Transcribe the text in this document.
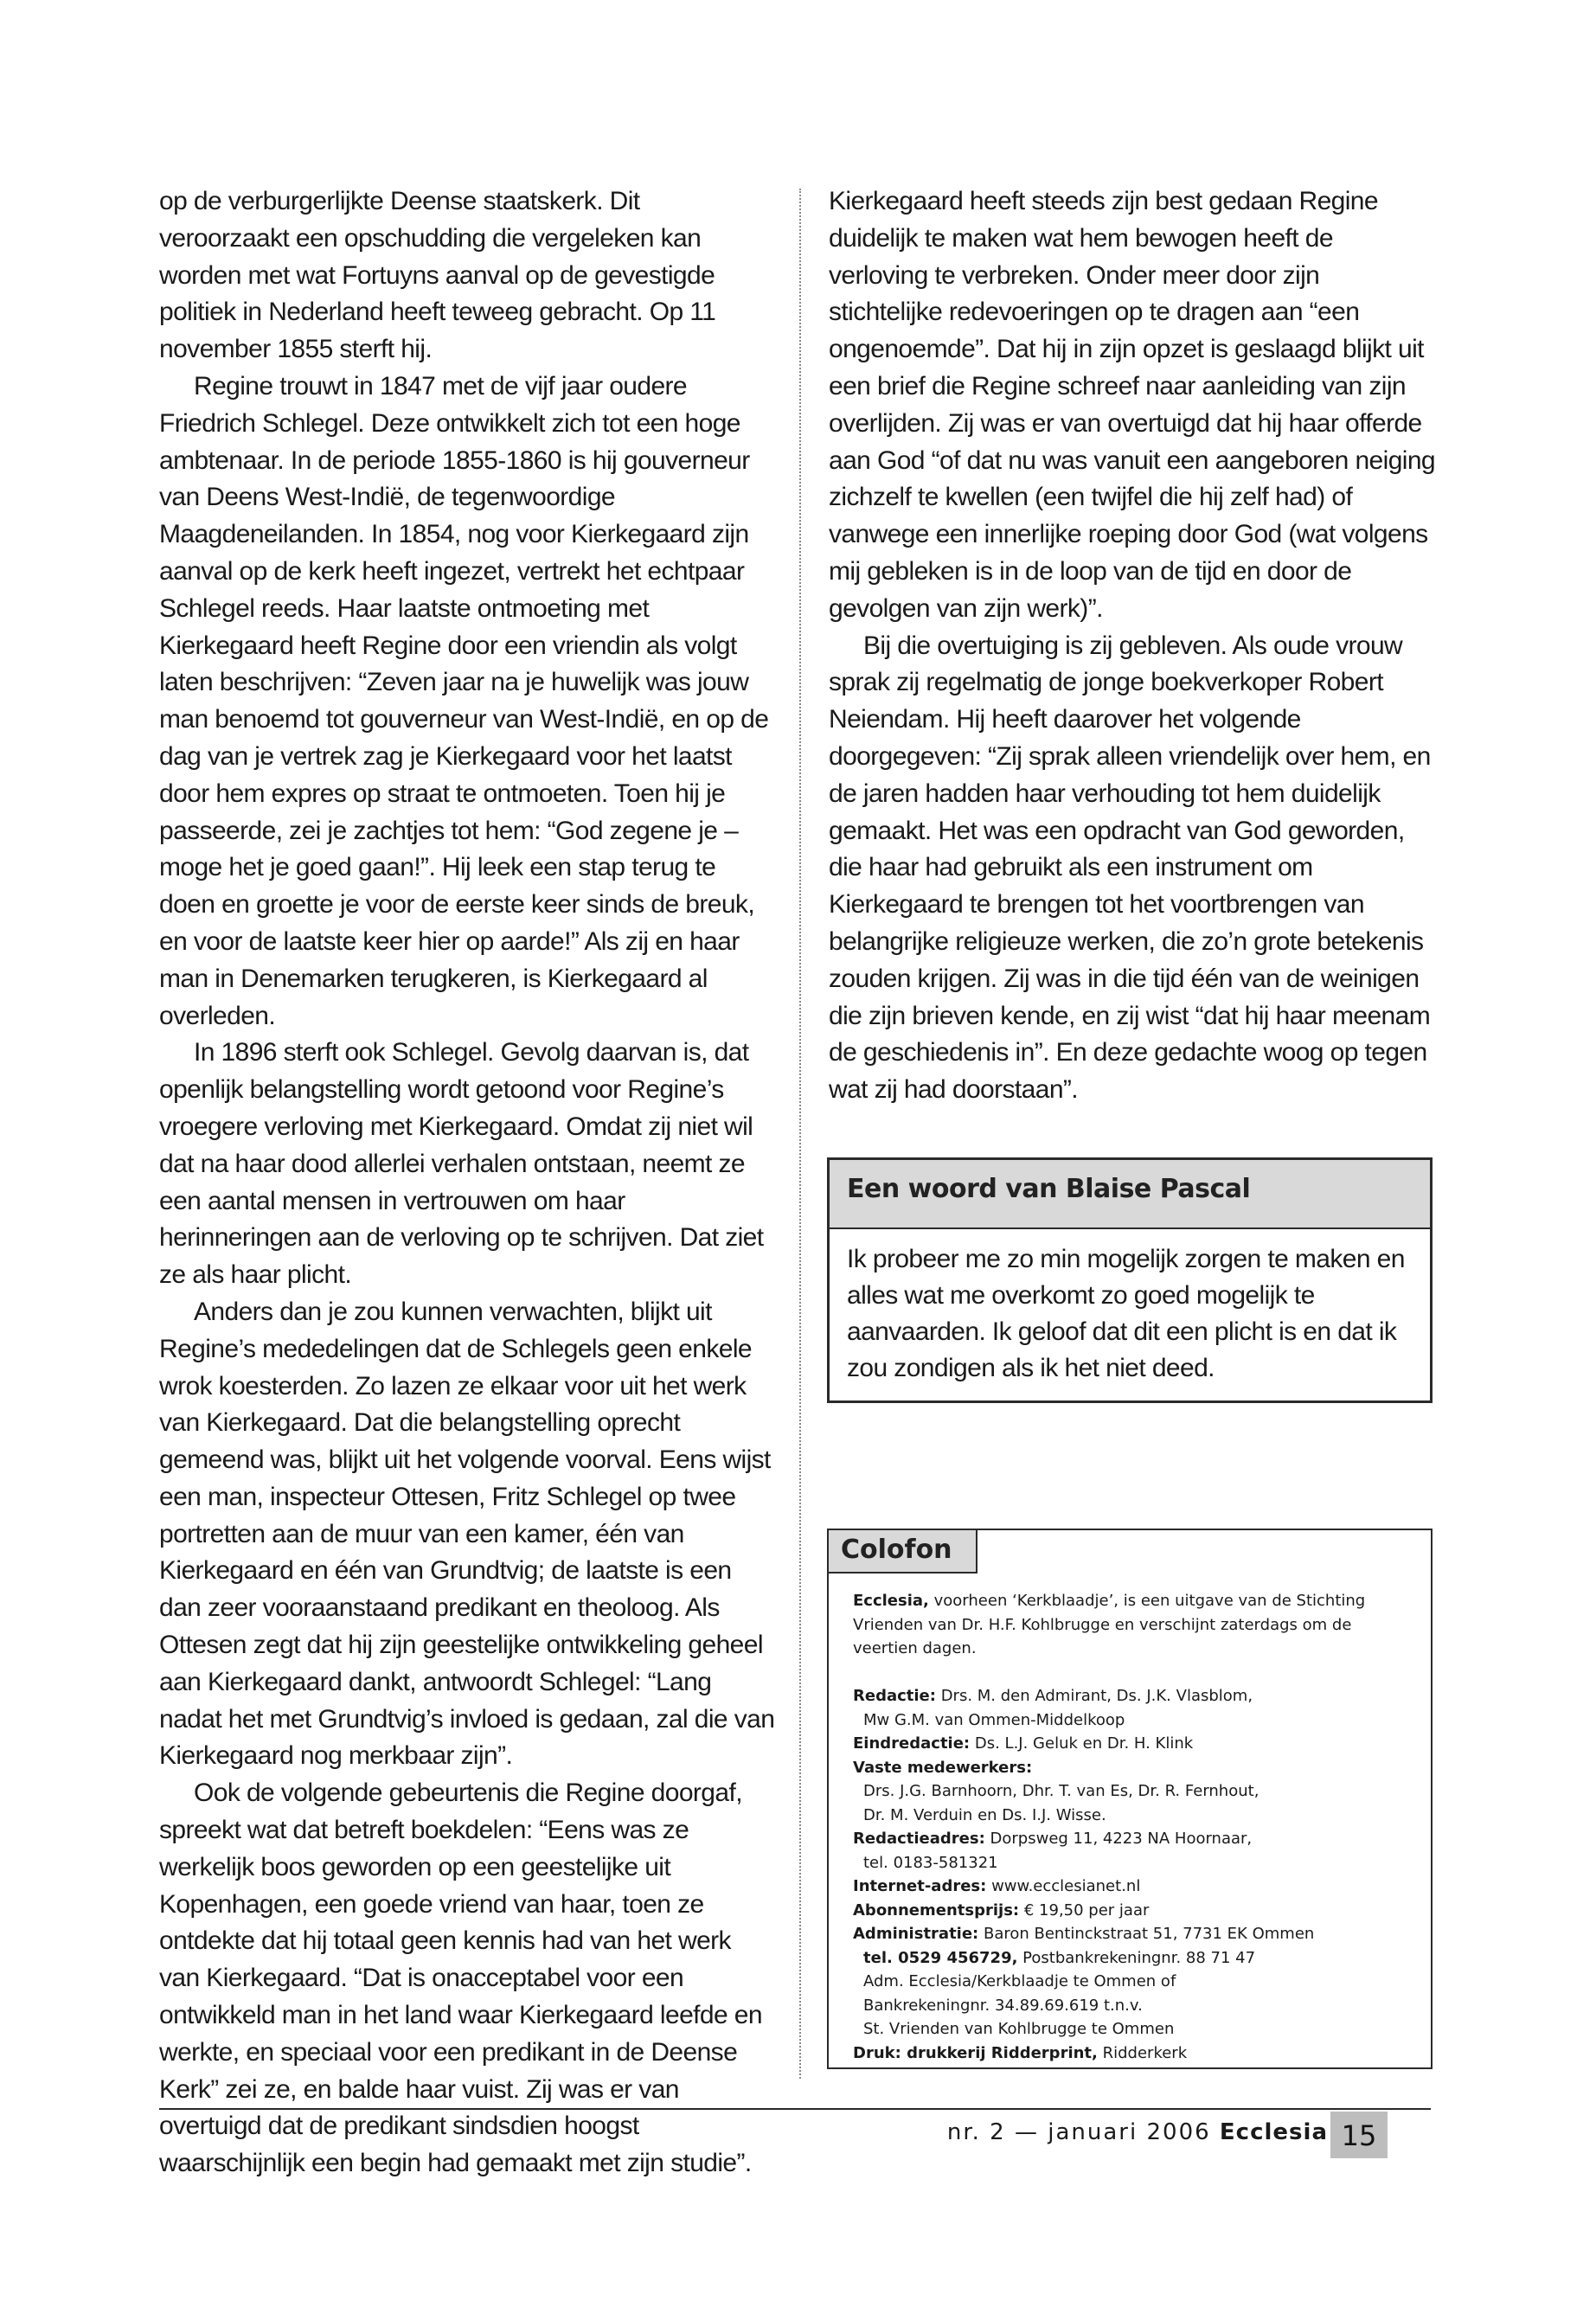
op de verburgerlijkte Deense staatskerk. Dit veroorzaakt een opschudding die vergeleken kan worden met wat Fortuyns aanval op de gevestigde politiek in Nederland heeft teweeg gebracht. Op 11 november 1855 sterft hij.

Regine trouwt in 1847 met de vijf jaar oudere Friedrich Schlegel. Deze ontwikkelt zich tot een hoge ambtenaar. In de periode 1855-1860 is hij gouverneur van Deens West-Indië, de tegenwoordige Maagdeneilanden. In 1854, nog voor Kierkegaard zijn aanval op de kerk heeft ingezet, vertrekt het echtpaar Schlegel reeds. Haar laatste ontmoeting met Kierkegaard heeft Regine door een vriendin als volgt laten beschrijven: “Zeven jaar na je huwelijk was jouw man benoemd tot gouverneur van West-Indië, en op de dag van je vertrek zag je Kierkegaard voor het laatst door hem expres op straat te ontmoeten. Toen hij je passeerde, zei je zachtjes tot hem: “God zegene je – moge het je goed gaan!”. Hij leek een stap terug te doen en groette je voor de eerste keer sinds de breuk, en voor de laatste keer hier op aarde!” Als zij en haar man in Denemarken terugkeren, is Kierkegaard al overleden.

In 1896 sterft ook Schlegel. Gevolg daarvan is, dat openlijk belangstelling wordt getoond voor Regine’s vroegere verloving met Kierkegaard. Omdat zij niet wil dat na haar dood allerlei verhalen ontstaan, neemt ze een aantal mensen in vertrouwen om haar herinneringen aan de verloving op te schrijven. Dat ziet ze als haar plicht.

Anders dan je zou kunnen verwachten, blijkt uit Regine’s mededelingen dat de Schlegels geen enkele wrok koesterden. Zo lazen ze elkaar voor uit het werk van Kierkegaard. Dat die belangstelling oprecht gemeend was, blijkt uit het volgende voorval. Eens wijst een man, inspecteur Ottesen, Fritz Schlegel op twee portretten aan de muur van een kamer, één van Kierkegaard en één van Grundtvig; de laatste is een dan zeer vooraanstaand predikant en theoloog. Als Ottesen zegt dat hij zijn geestelijke ontwikkeling geheel aan Kierkegaard dankt, antwoordt Schlegel: “Lang nadat het met Grundtvig’s invloed is gedaan, zal die van Kierkegaard nog merkbaar zijn”.

Ook de volgende gebeurtenis die Regine doorgaf, spreekt wat dat betreft boekdelen: “Eens was ze werkelijk boos geworden op een geestelijke uit Kopenhagen, een goede vriend van haar, toen ze ontdekte dat hij totaal geen kennis had van het werk van Kierkegaard. “Dat is onacceptabel voor een ontwikkeld man in het land waar Kierkegaard leefde en werkte, en speciaal voor een predikant in de Deense Kerk” zei ze, en balde haar vuist. Zij was er van overtuigd dat de predikant sindsdien hoogst waarschijnlijk een begin had gemaakt met zijn studie”.

Kierkegaard heeft steeds zijn best gedaan Regine duidelijk te maken wat hem bewogen heeft de verloving te verbreken. Onder meer door zijn stichtelijke redevoeringen op te dragen aan “een ongenoemde”. Dat hij in zijn opzet is geslaagd blijkt uit een brief die Regine schreef naar aanleiding van zijn overlijden. Zij was er van overtuigd dat hij haar offerde aan God “of dat nu was vanuit een aangeboren neiging zichzelf te kwellen (een twijfel die hij zelf had) of vanwege een innerlijke roeping door God (wat volgens mij gebleken is in de loop van de tijd en door de gevolgen van zijn werk)”.

Bij die overtuiging is zij gebleven. Als oude vrouw sprak zij regelmatig de jonge boekverkoper Robert Neiendam. Hij heeft daarover het volgende doorgegeven: “Zij sprak alleen vriendelijk over hem, en de jaren hadden haar verhouding tot hem duidelijk gemaakt. Het was een opdracht van God geworden, die haar had gebruikt als een instrument om Kierkegaard te brengen tot het voortbrengen van belangrijke religieuze werken, die zo’n grote betekenis zouden krijgen. Zij was in die tijd één van de weinigen die zijn brieven kende, en zij wist “dat hij haar meenam de geschiedenis in”. En deze gedachte woog op tegen wat zij had doorstaan”.

Een woord van Blaise Pascal
Ik probeer me zo min mogelijk zorgen te maken en alles wat me overkomt zo goed mogelijk te aanvaarden. Ik geloof dat dit een plicht is en dat ik zou zondigen als ik het niet deed.
Colofon
Ecclesia, voorheen ‘Kerkblaadje’, is een uitgave van de Stichting
Vrienden van Dr. H.F. Kohlbrugge en verschijnt zaterdags om de
veertien dagen.
Redactie: Drs. M. den Admirant, Ds. J.K. Vlasblom,
Mw G.M. van Ommen-Middelkoop
Eindredactie: Ds. L.J. Geluk en Dr. H. Klink
Vaste medewerkers:
Drs. J.G. Barnhoorn, Dhr. T. van Es, Dr. R. Fernhout,
Dr. M. Verduin en Ds. I.J. Wisse.
Redactieadres: Dorpsweg 11, 4223 NA Hoornaar,
tel. 0183-581321
Internet-adres: www.ecclesianet.nl
Abonnementsprijs: € 19,50 per jaar
Administratie: Baron Bentinckstraat 51, 7731 EK Ommen
tel. 0529 456729, Postbankrekeningnr. 88 71 47
Adm. Ecclesia/Kerkblaadje te Ommen of
Bankrekeningnr. 34.89.69.619 t.n.v.
St. Vrienden van Kohlbrugge te Ommen
Druk: drukkerij Ridderprint, Ridderkerk
nr. 2 — januari 2006 Ecclesia 15
